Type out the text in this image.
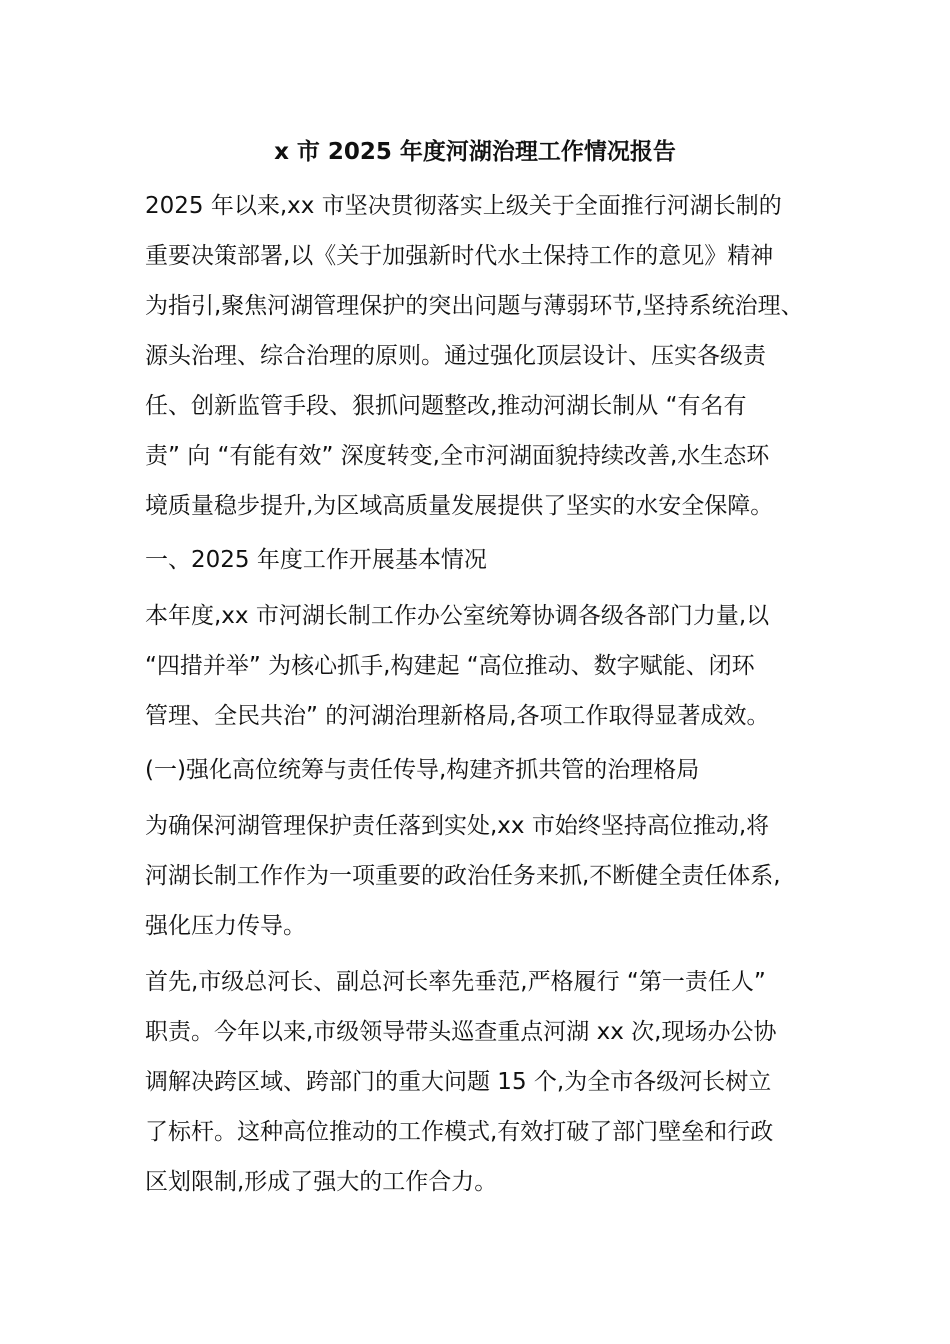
x 市 2025 年度河湖治理工作情况报告
2025 年以来,xx 市坚决贯彻落实上级关于全面推行河湖长制的
重要决策部署,以《关于加强新时代水土保持工作的意见》精神
为指引,聚焦河湖管理保护的突出问题与薄弱环节,坚持系统治理、
源头治理、综合治理的原则。通过强化顶层设计、压实各级责
任、创新监管手段、狠抓问题整改,推动河湖长制从 “有名有
责” 向 “有能有效” 深度转变,全市河湖面貌持续改善,水生态环
境质量稳步提升,为区域高质量发展提供了坚实的水安全保障。
一、2025 年度工作开展基本情况
本年度,xx 市河湖长制工作办公室统筹协调各级各部门力量,以
“四措并举” 为核心抓手,构建起 “高位推动、数字赋能、闭环
管理、全民共治” 的河湖治理新格局,各项工作取得显著成效。
(一)强化高位统筹与责任传导,构建齐抓共管的治理格局
为确保河湖管理保护责任落到实处,xx 市始终坚持高位推动,将
河湖长制工作作为一项重要的政治任务来抓,不断健全责任体系,
强化压力传导。
首先,市级总河长、副总河长率先垂范,严格履行 “第一责任人”
职责。今年以来,市级领导带头巡查重点河湖 xx 次,现场办公协
调解决跨区域、跨部门的重大问题 15 个,为全市各级河长树立
了标杆。这种高位推动的工作模式,有效打破了部门壁垒和行政
区划限制,形成了强大的工作合力。
